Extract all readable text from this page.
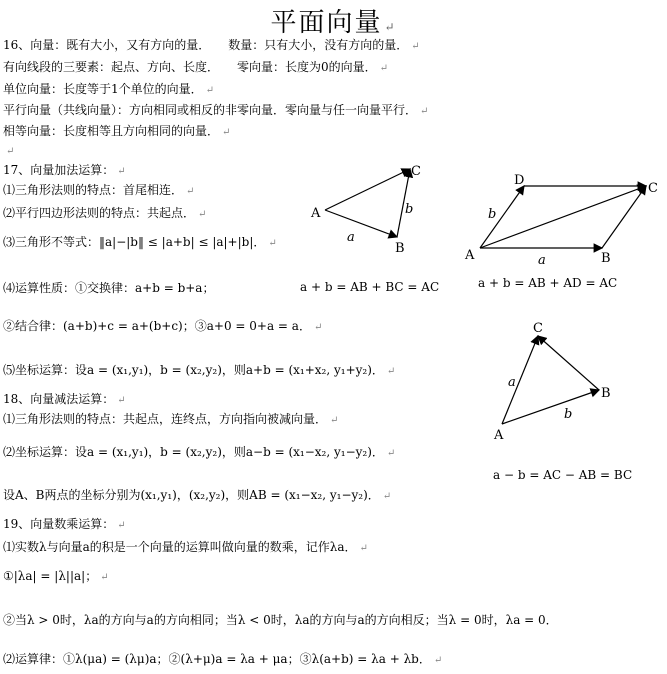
平面向量 ↵
16、向量：既有大小，又有方向的量．　　数量：只有大小，没有方向的量． ↵
有向线段的三要素：起点、方向、长度．　　零向量：长度为0的向量． ↵
单位向量：长度等于1个单位的向量． ↵
平行向量（共线向量）：方向相同或相反的非零向量．零向量与任一向量平行． ↵
相等向量：长度相等且方向相同的向量． ↵
↵
17、向量加法运算： ↵
⑴三角形法则的特点：首尾相连． ↵
⑵平行四边形法则的特点：共起点． ↵
⑶三角形不等式：‖a|−|b‖ ≤ |a+b| ≤ |a|+|b|． ↵
⑷运算性质：①交换律：a+b = b+a；	a + b = AB + BC = AC	a + b = AB + AD = AC
②结合律：(a+b)+c = a+(b+c)；③a+0 = 0+a = a． ↵
⑸坐标运算：设a = (x₁,y₁)，b = (x₂,y₂)，则a+b = (x₁+x₂, y₁+y₂)． ↵
18、向量减法运算： ↵
⑴三角形法则的特点：共起点，连终点，方向指向被减向量． ↵
⑵坐标运算：设a = (x₁,y₁)，b = (x₂,y₂)，则a−b = (x₁−x₂, y₁−y₂)． ↵
a − b = AC − AB = BC
设A、B两点的坐标分别为(x₁,y₁)，(x₂,y₂)，则AB = (x₁−x₂, y₁−y₂)． ↵
19、向量数乘运算： ↵
⑴实数λ与向量a的积是一个向量的运算叫做向量的数乘，记作λa． ↵
①|λa| = |λ||a|； ↵
②当λ > 0时，λa的方向与a的方向相同；当λ < 0时，λa的方向与a的方向相反；当λ = 0时，λa = 0．
⑵运算律：①λ(μa) = (λμ)a；②(λ+μ)a = λa + μa；③λ(a+b) = λa + λb． ↵
A
B
C
a
b
A	B
C
D
a
b
A
B
C
a
b
